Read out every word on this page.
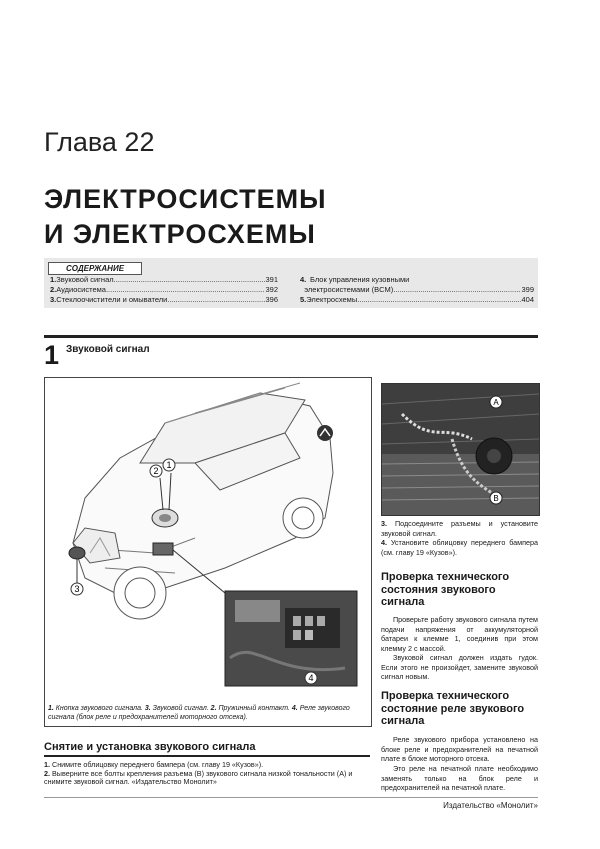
Глава 22
ЭЛЕКТРОСИСТЕМЫ
И ЭЛЕКТРОСХЕМЫ
СОДЕРЖАНИЕ
1. Звуковой сигнал .....	391
2. Аудиосистема .....	392
3. Стеклоочистители и омыватели .....	396
4. Блок управления кузовными
электросистемами (BCM) .....	399
5. Электросхемы .....	404
1 Звуковой сигнал
1
2
3
4
1. Кнопка звукового сигнала. 3. Звуковой сигнал. 2. Пружинный контакт. 4. Реле звукового сигнала (блок реле и предохранителей моторного отсека).
A
B
3. Подсоедините разъемы и установите звуковой сигнал.
4. Установите облицовку переднего бампера (см. главу 19 «Кузов»).
Проверка технического состояния звукового сигнала
Проверьте работу звукового сигнала путем подачи напряжения от аккумуляторной батареи к клемме 1, соединив при этом клемму 2 с массой.
Звуковой сигнал должен издать гудок. Если этого не произойдет, замените звуковой сигнал новым.
Проверка технического состояние реле звукового сигнала
Реле звукового прибора установлено на блоке реле и предохранителей на печатной плате в блоке моторного отсека.
Это реле на печатной плате необходимо заменять только на блок реле и предохранителей на печатной плате.
Снятие и установка звукового сигнала
1. Снимите облицовку переднего бампера (см. главу 19 «Кузов»).
2. Выверните все болты крепления разъема (B) звукового сигнала низкой тональности (A) и снимите звуковой сигнал. «Издательство Монолит»
Издательство «Монолит»
